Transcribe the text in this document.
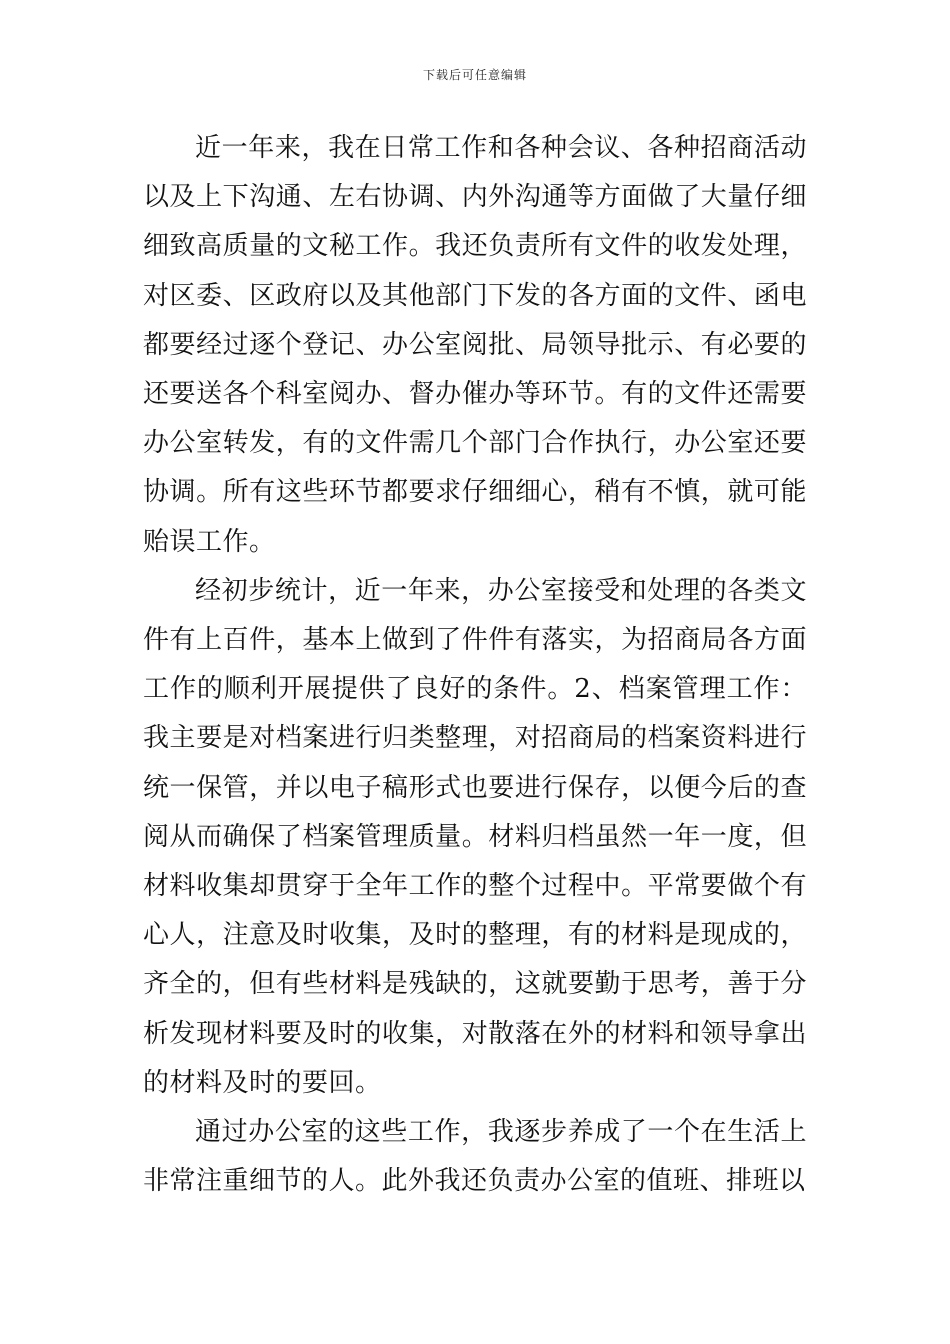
下载后可任意编辑

近一年来，我在日常工作和各种会议、各种招商活动以及上下沟通、左右协调、内外沟通等方面做了大量仔细细致高质量的文秘工作。我还负责所有文件的收发处理，对区委、区政府以及其他部门下发的各方面的文件、函电都要经过逐个登记、办公室阅批、局领导批示、有必要的还要送各个科室阅办、督办催办等环节。有的文件还需要办公室转发，有的文件需几个部门合作执行，办公室还要协调。所有这些环节都要求仔细细心，稍有不慎，就可能贻误工作。

经初步统计，近一年来，办公室接受和处理的各类文件有上百件，基本上做到了件件有落实，为招商局各方面工作的顺利开展提供了良好的条件。2、档案管理工作：我主要是对档案进行归类整理，对招商局的档案资料进行统一保管，并以电子稿形式也要进行保存，以便今后的查阅从而确保了档案管理质量。材料归档虽然一年一度，但材料收集却贯穿于全年工作的整个过程中。平常要做个有心人，注意及时收集，及时的整理，有的材料是现成的，齐全的，但有些材料是残缺的，这就要勤于思考，善于分析发现材料要及时的收集，对散落在外的材料和领导拿出的材料及时的要回。

通过办公室的这些工作，我逐步养成了一个在生活上非常注重细节的人。此外我还负责办公室的值班、排班以
